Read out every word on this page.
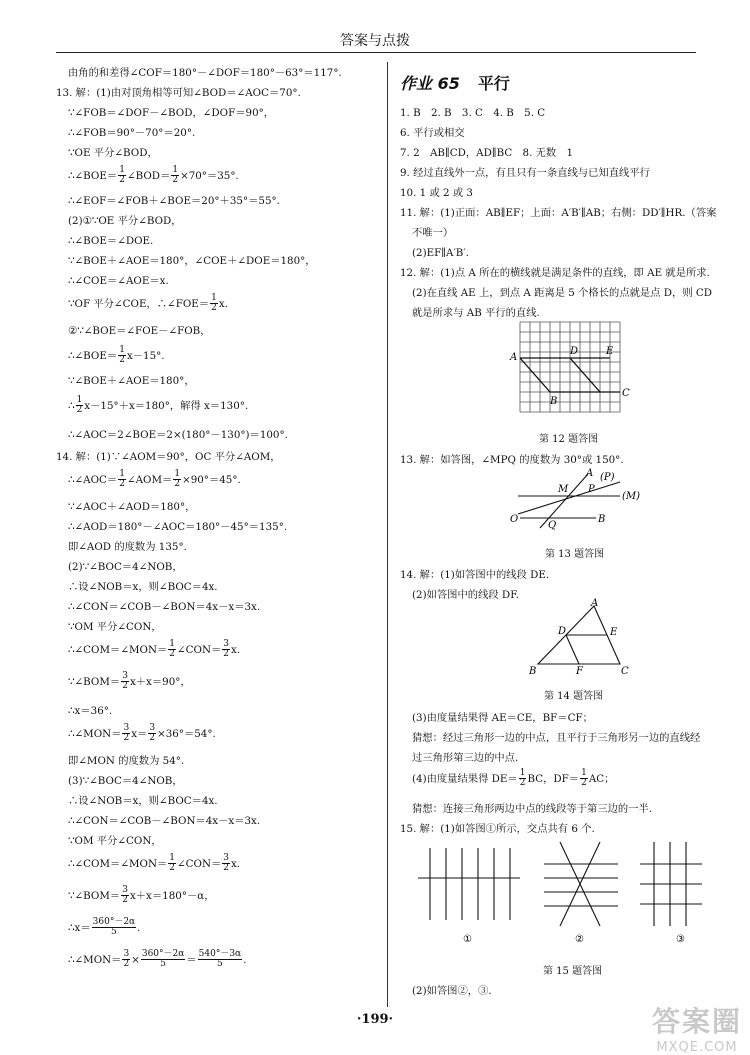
答案与点拨
由角的和差得∠COF＝180°－∠DOF＝180°－63°＝117°.
13. 解：(1)由对顶角相等可知∠BOD＝∠AOC＝70°.
∵∠FOB＝∠DOF－∠BOD，∠DOF＝90°，
∴∠FOB＝90°－70°＝20°.
∵OE 平分∠BOD，
∴∠BOE＝ $\frac{1}{2}$ ∠BOD＝ $\frac{1}{2} \times 70^\circ=35^\circ$.
∴∠EOF＝∠FOB＋∠BOE＝20°＋35°＝55°.
(2)①∵OE 平分∠BOD，
∴∠BOE＝∠DOE.
∵∠BOE＋∠AOE＝180°，∠COE＋∠DOE＝180°，
∴∠COE＝∠AOE＝x.
∵OF 平分∠COE，∴∠FOE＝ $\frac{1}{2} x$.
②∵∠BOE＝∠FOE－∠FOB，
∴∠BOE＝ $\frac{1}{2} x-15^\circ$.
∵∠BOE＋∠AOE＝180°，
∴ $\frac{1}{2} x-15^\circ+x=180^\circ$，解得 x＝130°.
∴∠AOC＝2∠BOE＝2×(180°－130°)＝100°.
14. 解：(1)∵∠AOM＝90°，OC 平分∠AOM，
∴∠AOC＝ $\frac{1}{2}$ ∠AOM＝ $\frac{1}{2} \times 90^\circ=45^\circ$.
∵∠AOC＋∠AOD＝180°，
∴∠AOD＝180°－∠AOC＝180°－45°＝135°.
即∠AOD 的度数为 135°.
(2)∵∠BOC＝4∠NOB，
∴设∠NOB＝x，则∠BOC＝4x.
∴∠CON＝∠COB－∠BON＝4x－x＝3x.
∵OM 平分∠CON，
∴∠COM＝∠MON＝ $\frac{1}{2}$ ∠CON＝ $\frac{3}{2} x$.
∵∠BOM＝ $\frac{3}{2} x+x=90^\circ$，
∴x＝36°.
∴∠MON＝ $\frac{3}{2} x= \frac{3}{2} \times 36^\circ=54^\circ$.
即∠MON 的度数为 54°.
(3)∵∠BOC＝4∠NOB，
∴设∠NOB＝x，则∠BOC＝4x.
∴∠CON＝∠COB－∠BON＝4x－x＝3x.
∵OM 平分∠CON，
∴∠COM＝∠MON＝ $\frac{1}{2}$ ∠CON＝ $\frac{3}{2} x$.
∵∠BOM＝ $\frac{3}{2} x+x=180^\circ-\alpha$，
∴x＝ $\frac{360^\circ-2\alpha}{5}$ .
∴∠MON＝ $\frac{3}{2} \times \frac{360^\circ-2\alpha}{5} = \frac{540^\circ-3\alpha}{5}$ .
作业 65 平行
1. B　2. B　3. C　4. B　5. C
6. 平行或相交
7. 2　AB∥CD，AD∥BC　8. 无数　1
9. 经过直线外一点，有且只有一条直线与已知直线平行
10. 1 或 2 或 3
11. 解：(1)正面：AB∥EF；上面：A′B′∥AB；右侧：DD′∥HR.（答案
不唯一）
(2)EF∥A′B′.
12. 解：(1)点 A 所在的横线就是满足条件的直线，即 AE 就是所求.
(2)在直线 AE 上，到点 A 距离是 5 个格长的点就是点 D，则 CD
就是所求与 AB 平行的直线.
A
B
C
D	E
第 12 题答图
13. 解：如答图，∠MPQ 的度数为 30°或 150°.
A (P)
M P
(M)
O
Q
B
第 13 题答图
14. 解：(1)如答图中的线段 DE.
(2)如答图中的线段 DF.
A
D	E
B	F	C
第 14 题答图
(3)由度量结果得 AE＝CE，BF＝CF；
猜想：经过三角形一边的中点，且平行于三角形另一边的直线经
过三角形第三边的中点.
(4)由度量结果得 $DE= \frac{1}{2}$ BC，$DF= \frac{1}{2}$ AC；
猜想：连接三角形两边中点的线段等于第三边的一半.
15. 解：(1)如答图①所示，交点共有 6 个.
①	②	③
第 15 题答图
(2)如答图②，③.
·199·	答案圈
MXQE.COM
